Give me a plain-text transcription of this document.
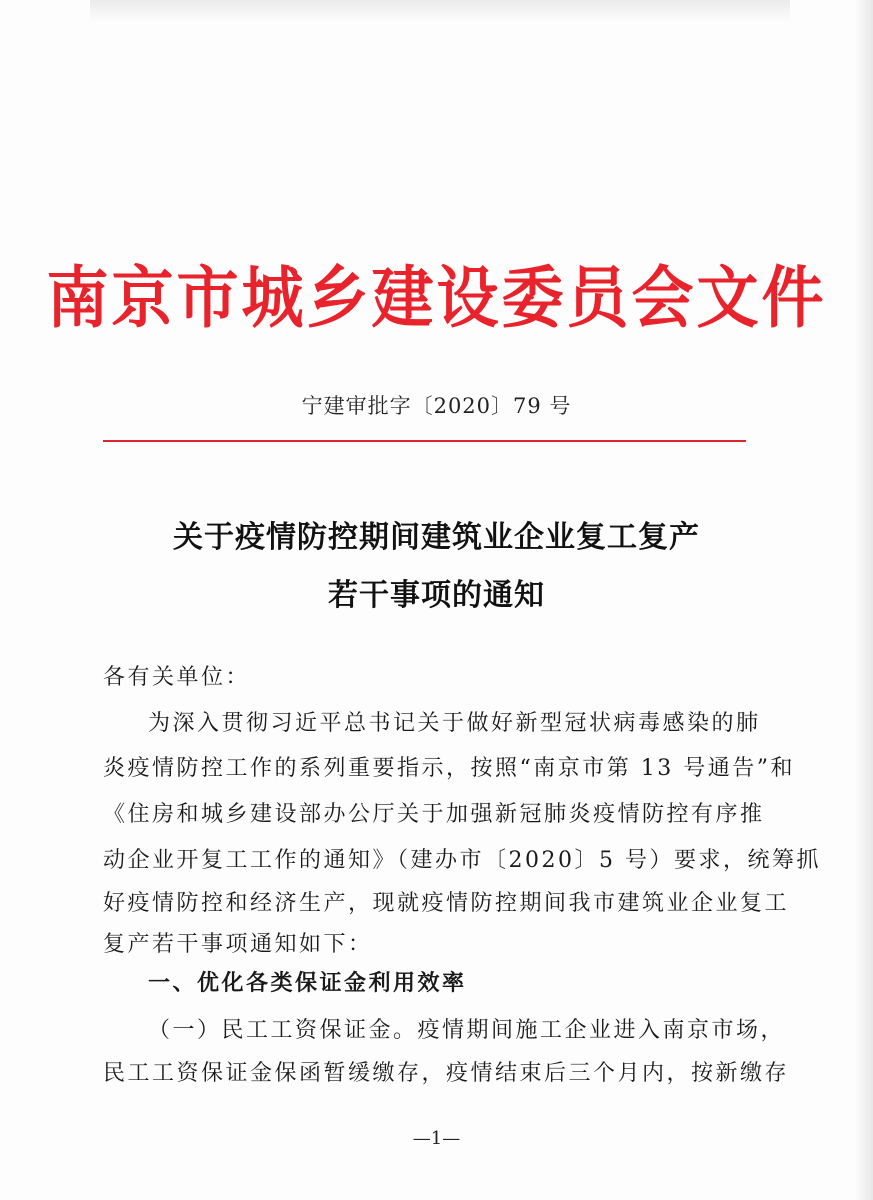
南京市城乡建设委员会文件
宁建审批字〔2020〕79 号
关于疫情防控期间建筑业企业复工复产
若干事项的通知
各有关单位：
为深入贯彻习近平总书记关于做好新型冠状病毒感染的肺
炎疫情防控工作的系列重要指示，按照“南京市第 13 号通告”和
《住房和城乡建设部办公厅关于加强新冠肺炎疫情防控有序推
动企业开复工工作的通知》（建办市〔2020〕5 号）要求，统筹抓
好疫情防控和经济生产，现就疫情防控期间我市建筑业企业复工
复产若干事项通知如下：
一、优化各类保证金利用效率
（一）民工工资保证金。疫情期间施工企业进入南京市场，
民工工资保证金保函暂缓缴存，疫情结束后三个月内，按新缴存
—1—
